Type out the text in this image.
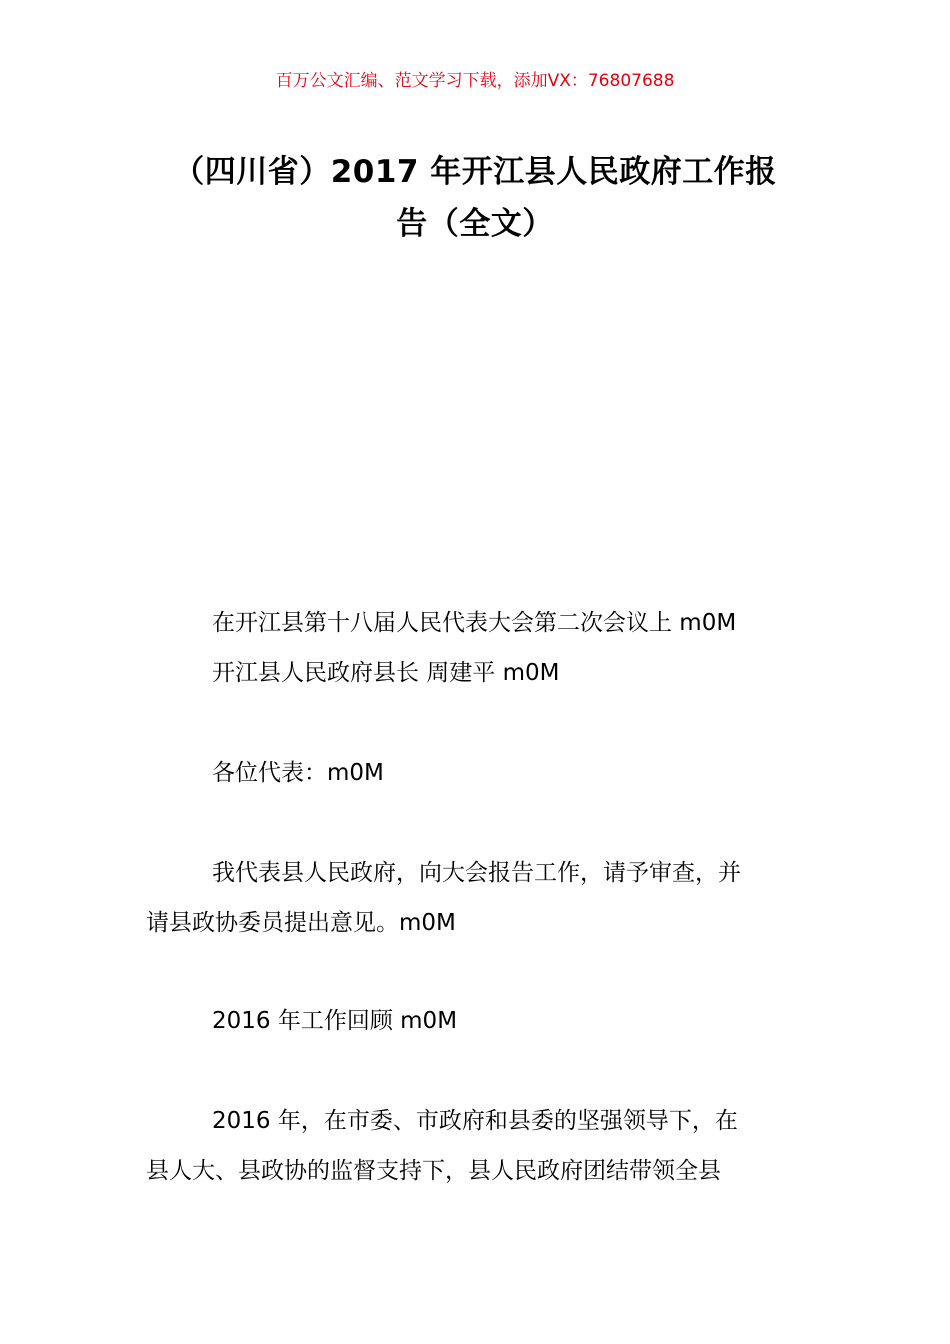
百万公文汇编、范文学习下载，添加VX：76807688
（四川省）2017 年开江县人民政府工作报
告（全文）
在开江县第十八届人民代表大会第二次会议上 m0M
开江县人民政府县长 周建平 m0M
各位代表：m0M
我代表县人民政府，向大会报告工作，请予审查，并
请县政协委员提出意见。m0M
2016 年工作回顾 m0M
2016 年，在市委、市政府和县委的坚强领导下，在
县人大、县政协的监督支持下，县人民政府团结带领全县
